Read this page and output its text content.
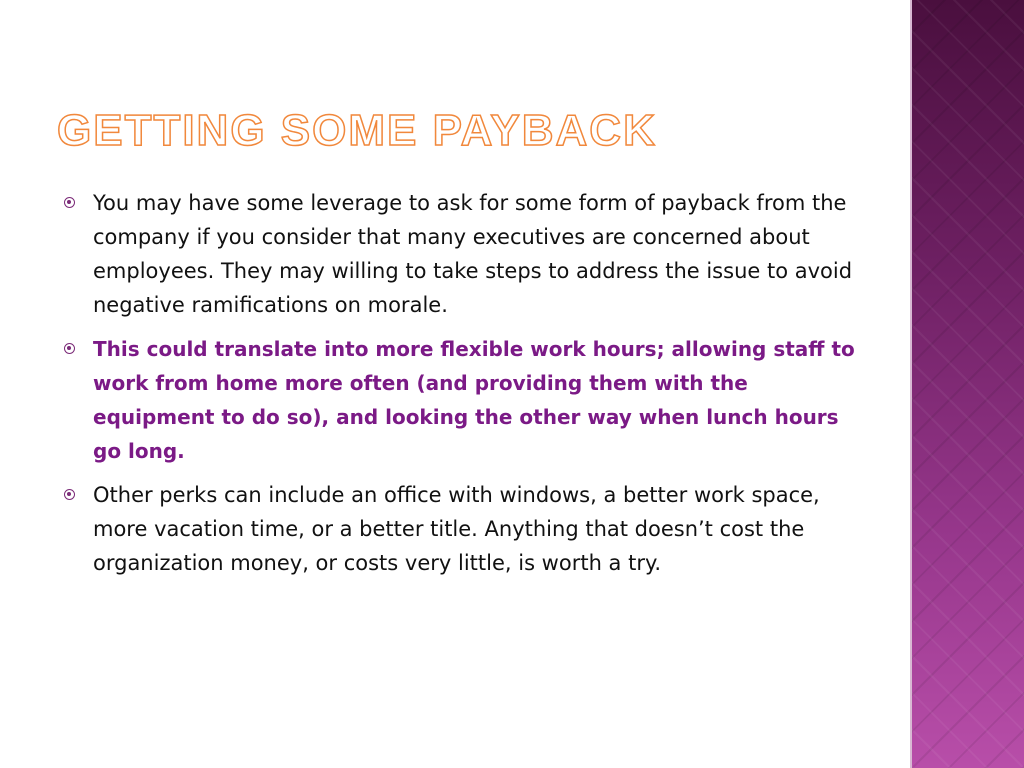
GETTING SOME PAYBACK
You may have some leverage to ask for some form of payback from the company if you consider that many executives are concerned about employees. They may willing to take steps to address the issue to avoid negative ramifications on morale.
This could translate into more flexible work hours; allowing staff to work from home more often (and providing them with the equipment to do so), and looking the other way when lunch hours go long.
Other perks can include an office with windows, a better work space, more vacation time, or a better title. Anything that doesn’t cost the organization money, or costs very little, is worth a try.
